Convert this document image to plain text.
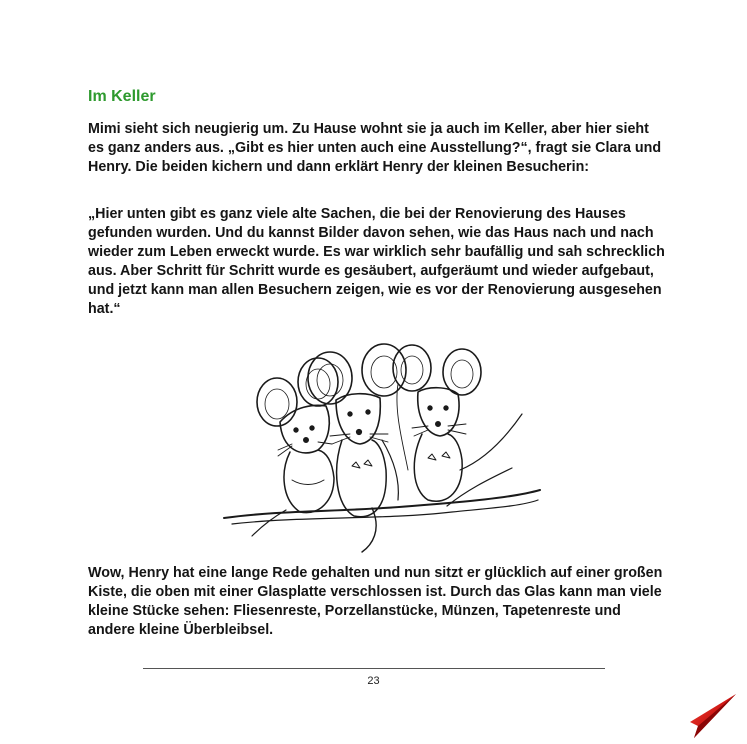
Im Keller

Mimi sieht sich neugierig um. Zu Hause wohnt sie ja auch im Keller, aber hier sieht es ganz anders aus. „Gibt es hier unten auch eine Ausstellung?“, fragt sie Clara und Henry. Die beiden kichern und dann erklärt Henry der kleinen Besucherin:

„Hier unten gibt es ganz viele alte Sachen, die bei der Renovierung des Hauses gefunden wurden. Und du kannst Bilder davon sehen, wie das Haus nach und nach wieder zum Leben erweckt wurde. Es war wirklich sehr baufällig und sah schrecklich aus. Aber Schritt für Schritt wurde es gesäubert, aufgeräumt und wieder aufgebaut, und jetzt kann man allen Besuchern zeigen, wie es vor der Renovierung ausgesehen hat.“

Wow, Henry hat eine lange Rede gehalten und nun sitzt er glücklich auf einer großen Kiste, die oben mit einer Glasplatte verschlossen ist. Durch das Glas kann man viele kleine Stücke sehen: Fliesenreste, Porzellanstücke, Münzen, Tapetenreste und andere kleine Überbleibsel.

23
